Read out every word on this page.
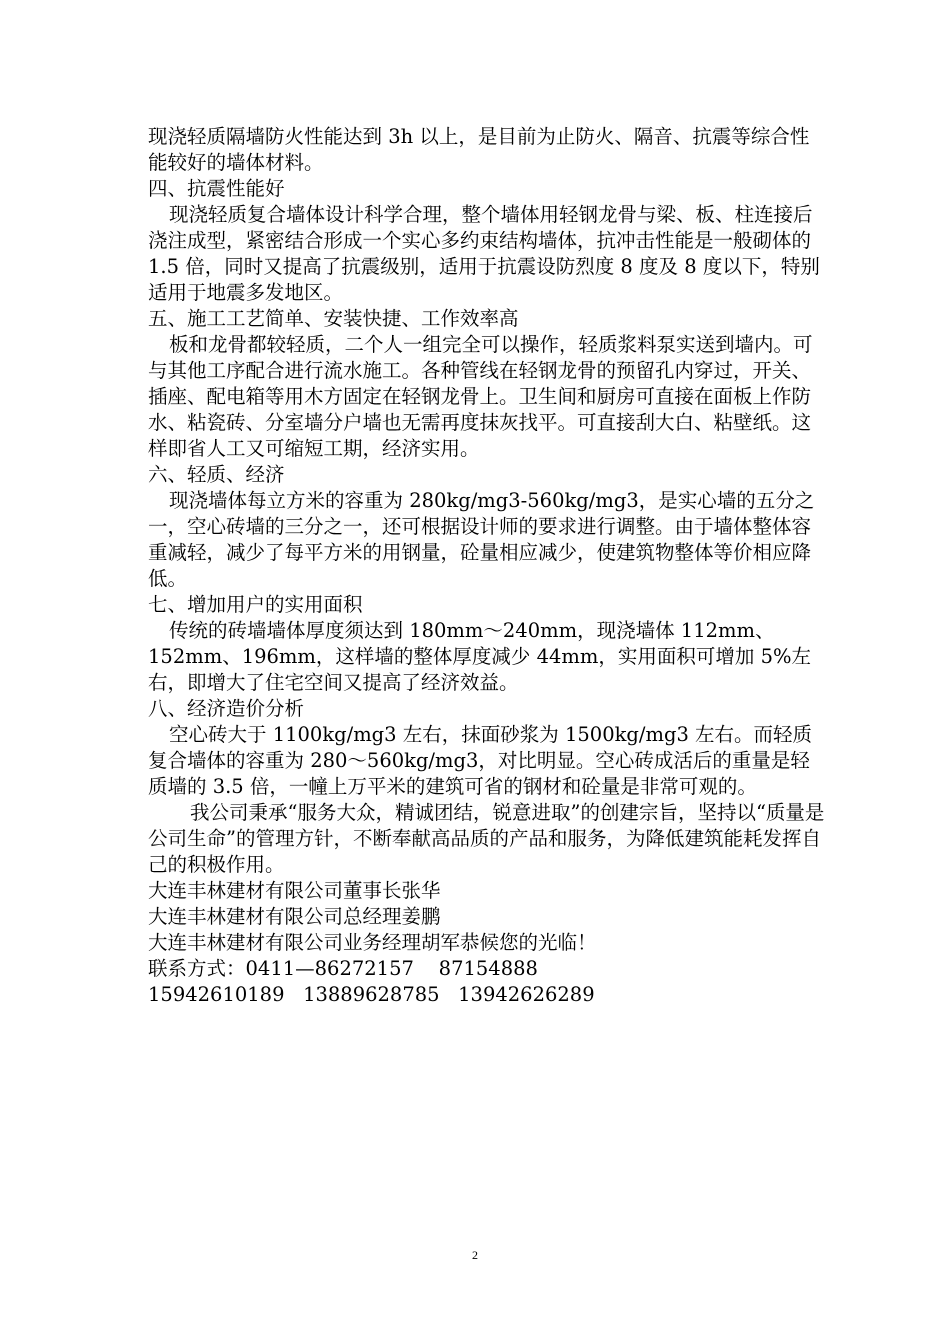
现浇轻质隔墙防火性能达到 3h 以上，是目前为止防火、隔音、抗震等综合性能较好的墙体材料。

四、抗震性能好

现浇轻质复合墙体设计科学合理，整个墙体用轻钢龙骨与梁、板、柱连接后浇注成型，紧密结合形成一个实心多约束结构墙体，抗冲击性能是一般砌体的 1.5 倍，同时又提高了抗震级别，适用于抗震设防烈度 8 度及 8 度以下，特别适用于地震多发地区。

五、施工工艺简单、安装快捷、工作效率高

板和龙骨都较轻质，二个人一组完全可以操作，轻质浆料泵实送到墙内。可与其他工序配合进行流水施工。各种管线在轻钢龙骨的预留孔内穿过，开关、插座、配电箱等用木方固定在轻钢龙骨上。卫生间和厨房可直接在面板上作防水、粘瓷砖、分室墙分户墙也无需再度抹灰找平。可直接刮大白、粘壁纸。这样即省人工又可缩短工期，经济实用。

六、轻质、经济

现浇墙体每立方米的容重为 280kg/mg3-560kg/mg3，是实心墙的五分之一，空心砖墙的三分之一，还可根据设计师的要求进行调整。由于墙体整体容重减轻，减少了每平方米的用钢量，砼量相应减少，使建筑物整体等价相应降低。

七、增加用户的实用面积

传统的砖墙墙体厚度须达到 180mm～240mm，现浇墙体 112mm、152mm、196mm，这样墙的整体厚度减少 44mm，实用面积可增加 5%左右，即增大了住宅空间又提高了经济效益。

八、经济造价分析

空心砖大于 1100kg/mg3 左右，抹面砂浆为 1500kg/mg3 左右。而轻质复合墙体的容重为 280～560kg/mg3，对比明显。空心砖成活后的重量是轻质墙的 3.5 倍，一幢上万平米的建筑可省的钢材和砼量是非常可观的。

我公司秉承“服务大众，精诚团结，锐意进取”的创建宗旨，坚持以“质量是公司生命”的管理方针，不断奉献高品质的产品和服务，为降低建筑能耗发挥自己的积极作用。

大连丰林建材有限公司董事长张华

大连丰林建材有限公司总经理姜鹏

大连丰林建材有限公司业务经理胡军恭候您的光临！

联系方式：0411—86272157    87154888

15942610189   13889628785   13942626289

2
